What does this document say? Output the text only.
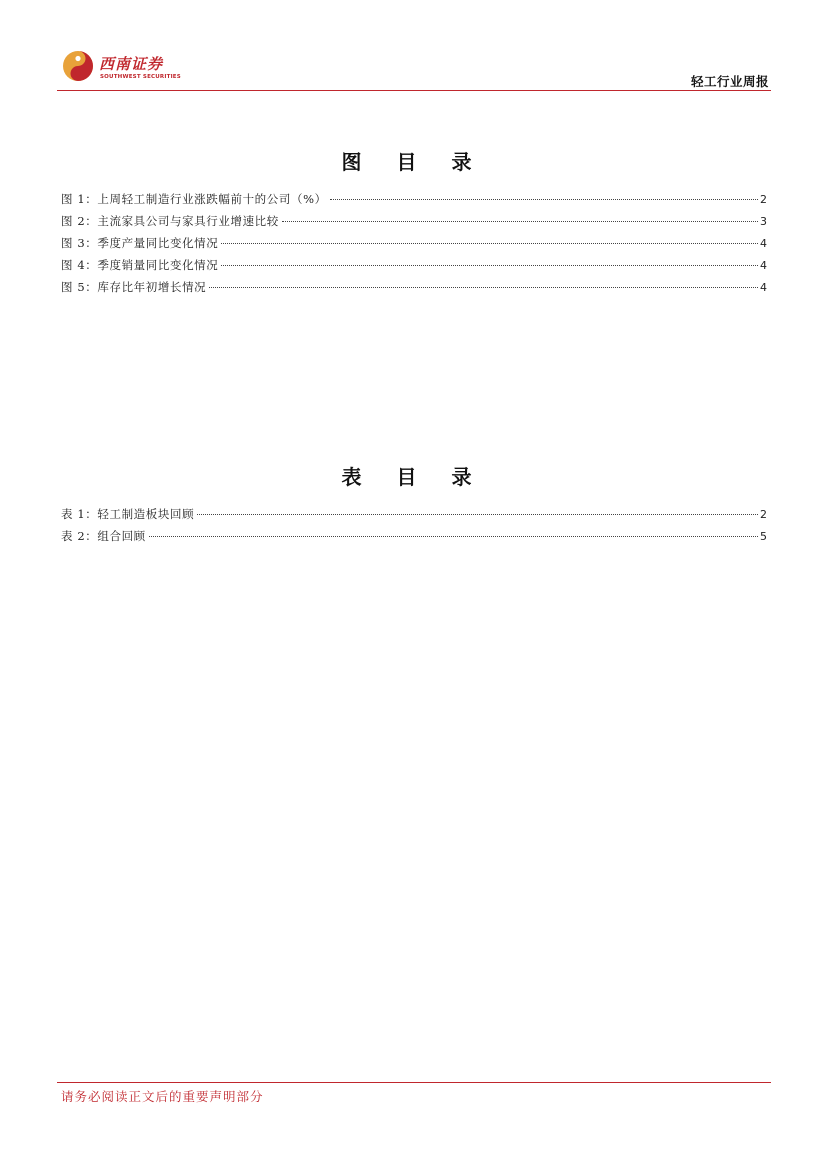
西南证券
SOUTHWEST SECURITIES	轻工行业周报
图 目 录
图 1：上周轻工制造行业涨跌幅前十的公司（%）	2
图 2：主流家具公司与家具行业增速比较	3
图 3：季度产量同比变化情况	4
图 4：季度销量同比变化情况	4
图 5：库存比年初增长情况	4
表 目 录
表 1：轻工制造板块回顾	2
表 2：组合回顾	5
请务必阅读正文后的重要声明部分
